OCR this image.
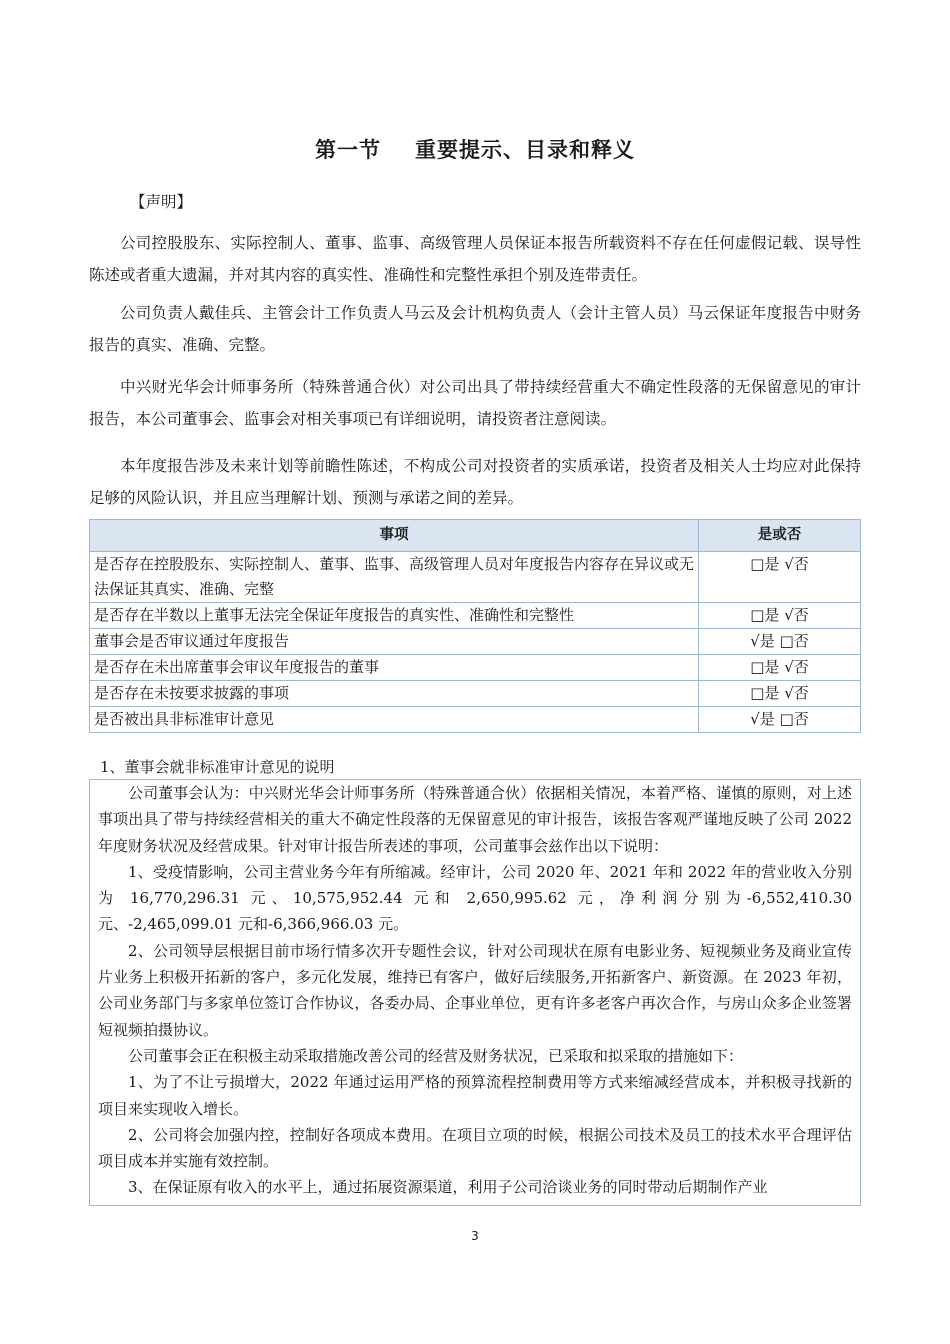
第一节 重要提示、目录和释义
【声明】

公司控股股东、实际控制人、董事、监事、高级管理人员保证本报告所载资料不存在任何虚假记载、误导性陈述或者重大遗漏，并对其内容的真实性、准确性和完整性承担个别及连带责任。

公司负责人戴佳兵、主管会计工作负责人马云及会计机构负责人（会计主管人员）马云保证年度报告中财务报告的真实、准确、完整。

中兴财光华会计师事务所（特殊普通合伙）对公司出具了带持续经营重大不确定性段落的无保留意见的审计报告，本公司董事会、监事会对相关事项已有详细说明，请投资者注意阅读。

本年度报告涉及未来计划等前瞻性陈述，不构成公司对投资者的实质承诺，投资者及相关人士均应对此保持足够的风险认识，并且应当理解计划、预测与承诺之间的差异。

事项	是或否
是否存在控股股东、实际控制人、董事、监事、高级管理人员对年度报告内容存在异议或无法保证其真实、准确、完整	□是 √否
是否存在半数以上董事无法完全保证年度报告的真实性、准确性和完整性	□是 √否
董事会是否审议通过年度报告	√是 □否
是否存在未出席董事会审议年度报告的董事	□是 √否
是否存在未按要求披露的事项	□是 √否
是否被出具非标准审计意见	√是 □否
1、董事会就非标准审计意见的说明

公司董事会认为：中兴财光华会计师事务所（特殊普通合伙）依据相关情况，本着严格、谨慎的原则，对上述事项出具了带与持续经营相关的重大不确定性段落的无保留意见的审计报告，该报告客观严谨地反映了公司 2022 年度财务状况及经营成果。针对审计报告所表述的事项，公司董事会兹作出以下说明：

1、受疫情影响，公司主营业务今年有所缩减。经审计，公司 2020 年、2021 年和 2022 年的营业收入分别为 16,770,296.31 元、10,575,952.44 元和 2,650,995.62 元，净利润分别为-6,552,410.30 元、-2,465,099.01 元和-6,366,966.03 元。

2、公司领导层根据目前市场行情多次开专题性会议，针对公司现状在原有电影业务、短视频业务及商业宣传片业务上积极开拓新的客户，多元化发展，维持已有客户，做好后续服务,开拓新客户、新资源。在 2023 年初，公司业务部门与多家单位签订合作协议，各委办局、企事业单位，更有许多老客户再次合作，与房山众多企业签署短视频拍摄协议。

公司董事会正在积极主动采取措施改善公司的经营及财务状况，已采取和拟采取的措施如下：

1、为了不让亏损增大，2022 年通过运用严格的预算流程控制费用等方式来缩减经营成本，并积极寻找新的项目来实现收入增长。

2、公司将会加强内控，控制好各项成本费用。在项目立项的时候，根据公司技术及员工的技术水平合理评估项目成本并实施有效控制。

3、在保证原有收入的水平上，通过拓展资源渠道，利用子公司洽谈业务的同时带动后期制作产业

3
